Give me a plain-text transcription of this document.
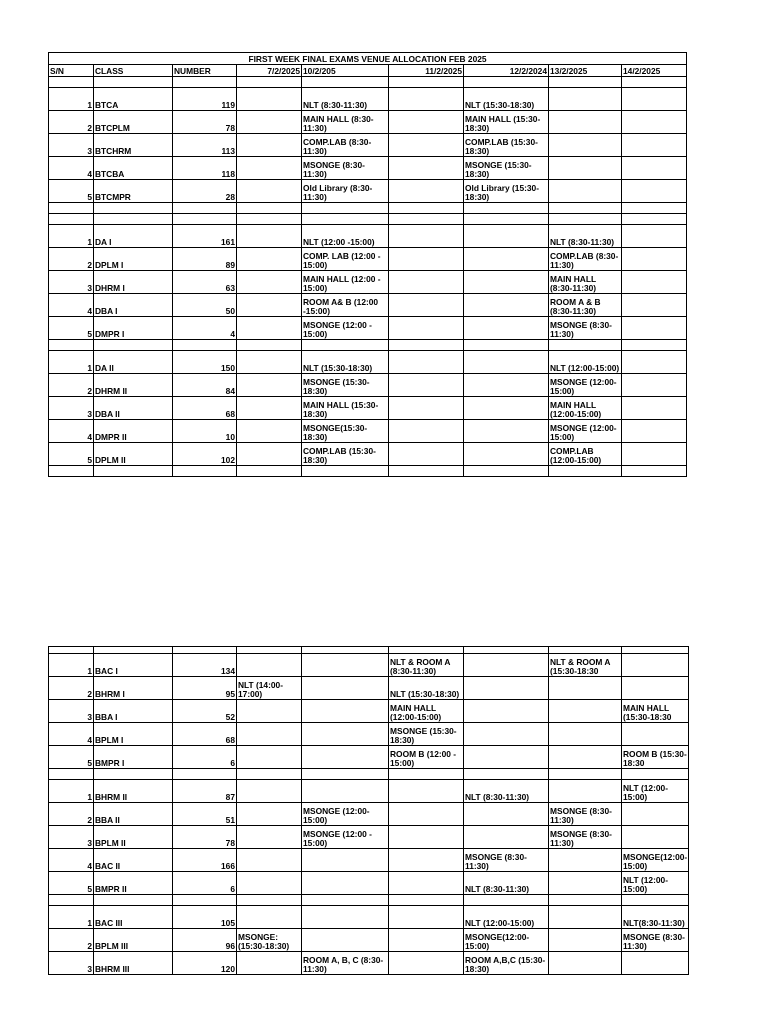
FIRST WEEK FINAL EXAMS VENUE ALLOCATION FEB 2025								
S/N	CLASS	NUMBER	7/2/2025	10/2/205	11/2/2025	12/2/2024	13/2/2025	14/2/2025

1	BTCA	119		NLT (8:30-11:30)		NLT (15:30-18:30)		
2	BTCPLM	78		MAIN HALL (8:30-11:30)		MAIN HALL (15:30-18:30)		
3	BTCHRM	113		COMP.LAB (8:30-11:30)		COMP.LAB (15:30-18:30)		
4	BTCBA	118		MSONGE (8:30-11:30)		MSONGE (15:30-18:30)		
5	BTCMPR	28		Old Library (8:30-11:30)		Old Library (15:30-18:30)		

1	DA I	161		NLT (12:00 -15:00)			NLT (8:30-11:30)	
2	DPLM I	89		COMP. LAB (12:00 - 15:00)			COMP.LAB (8:30-11:30)	
3	DHRM I	63		MAIN HALL (12:00 - 15:00)			MAIN HALL (8:30-11:30)	
4	DBA I	50		ROOM A& B (12:00 -15:00)			ROOM A & B (8:30-11:30)	
5	DMPR I	4		MSONGE (12:00 - 15:00)			MSONGE (8:30-11:30)	

1	DA II	150		NLT (15:30-18:30)			NLT (12:00-15:00)	
2	DHRM II	84		MSONGE (15:30-18:30)			MSONGE (12:00-15:00)	
3	DBA II	68		MAIN HALL (15:30-18:30)			MAIN HALL (12:00-15:00)	
4	DMPR II	10		MSONGE(15:30-18:30)			MSONGE (12:00-15:00)	
5	DPLM II	102		COMP.LAB (15:30-18:30)			COMP.LAB (12:00-15:00)	

1	BAC I	134			NLT & ROOM A (8:30-11:30)		NLT & ROOM A (15:30-18:30	
2	BHRM I	95	NLT (14:00-17:00)		NLT (15:30-18:30)			
3	BBA I	52			MAIN HALL (12:00-15:00)			MAIN HALL (15:30-18:30
4	BPLM I	68			MSONGE (15:30-18:30)			
5	BMPR I	6			ROOM B (12:00 - 15:00)			ROOM B (15:30-18:30

1	BHRM II	87				NLT (8:30-11:30)		NLT (12:00-15:00)
2	BBA II	51		MSONGE (12:00-15:00)			MSONGE (8:30-11:30)	
3	BPLM II	78		MSONGE (12:00 - 15:00)			MSONGE (8:30-11:30)	
4	BAC II	166				MSONGE (8:30-11:30)		MSONGE(12:00-15:00)
5	BMPR II	6				NLT (8:30-11:30)		NLT (12:00-15:00)

1	BAC III	105				NLT (12:00-15:00)		NLT(8:30-11:30)
2	BPLM III	96	MSONGE: (15:30-18:30)			MSONGE(12:00-15:00)		MSONGE (8:30-11:30)
3	BHRM III	120		ROOM A, B, C (8:30-11:30)		ROOM A,B,C (15:30-18:30)		
